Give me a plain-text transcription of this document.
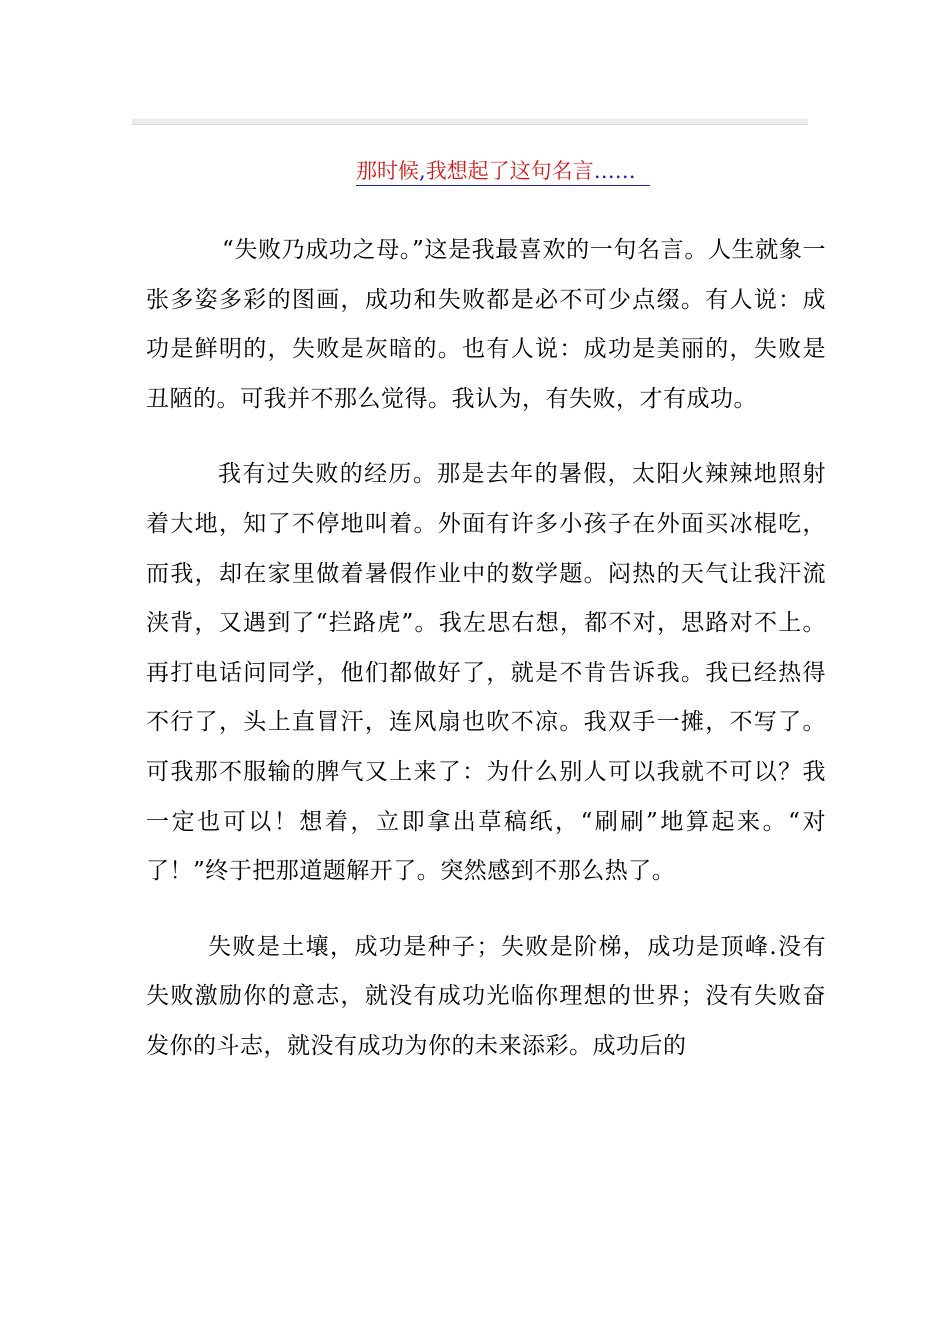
那时候,我想起了这句名言……

“失败乃成功之母。”这是我最喜欢的一句名言。人生就象一张多姿多彩的图画，成功和失败都是必不可少点缀。有人说：成功是鲜明的，失败是灰暗的。也有人说：成功是美丽的，失败是丑陋的。可我并不那么觉得。我认为，有失败，才有成功。

我有过失败的经历。那是去年的暑假，太阳火辣辣地照射着大地，知了不停地叫着。外面有许多小孩子在外面买冰棍吃，而我，却在家里做着暑假作业中的数学题。闷热的天气让我汗流浃背，又遇到了“拦路虎”。我左思右想，都不对，思路对不上。再打电话问同学，他们都做好了，就是不肯告诉我。我已经热得不行了，头上直冒汗，连风扇也吹不凉。我双手一摊，不写了。可我那不服输的脾气又上来了：为什么别人可以我就不可以？我一定也可以！想着，立即拿出草稿纸，“刷刷”地算起来。“对了！”终于把那道题解开了。突然感到不那么热了。

失败是土壤，成功是种子；失败是阶梯，成功是顶峰.没有失败激励你的意志，就没有成功光临你理想的世界；没有失败奋发你的斗志，就没有成功为你的未来添彩。成功后的
